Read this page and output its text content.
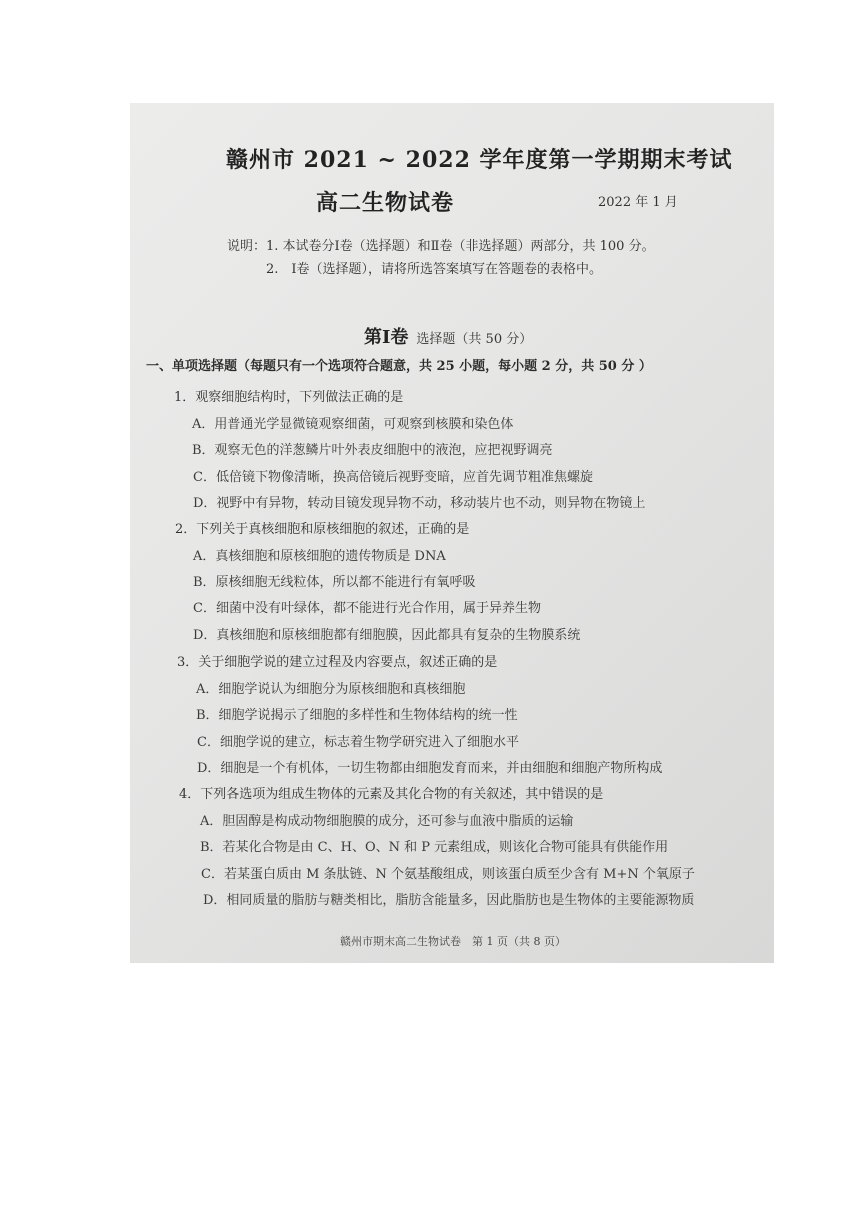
赣州市 2021 ~ 2022 学年度第一学期期末考试
高二生物试卷	2022 年 1 月
说明：1. 本试卷分Ⅰ卷（选择题）和Ⅱ卷（非选择题）两部分，共 100 分。
2.　Ⅰ卷（选择题），请将所选答案填写在答题卷的表格中。
第Ⅰ卷 选择题（共 50 分）
一、单项选择题（每题只有一个选项符合题意，共 25 小题，每小题 2 分，共 50 分 ）
1．观察细胞结构时，下列做法正确的是
A．用普通光学显微镜观察细菌，可观察到核膜和染色体
B．观察无色的洋葱鳞片叶外表皮细胞中的液泡，应把视野调亮
C．低倍镜下物像清晰，换高倍镜后视野变暗，应首先调节粗准焦螺旋
D．视野中有异物，转动目镜发现异物不动，移动装片也不动，则异物在物镜上
2．下列关于真核细胞和原核细胞的叙述，正确的是
A．真核细胞和原核细胞的遗传物质是 DNA
B．原核细胞无线粒体，所以都不能进行有氧呼吸
C．细菌中没有叶绿体，都不能进行光合作用，属于异养生物
D．真核细胞和原核细胞都有细胞膜，因此都具有复杂的生物膜系统
3．关于细胞学说的建立过程及内容要点，叙述正确的是
A．细胞学说认为细胞分为原核细胞和真核细胞
B．细胞学说揭示了细胞的多样性和生物体结构的统一性
C．细胞学说的建立，标志着生物学研究进入了细胞水平
D．细胞是一个有机体，一切生物都由细胞发育而来，并由细胞和细胞产物所构成
4．下列各选项为组成生物体的元素及其化合物的有关叙述，其中错误的是
A．胆固醇是构成动物细胞膜的成分，还可参与血液中脂质的运输
B．若某化合物是由 C、H、O、N 和 P 元素组成，则该化合物可能具有供能作用
C．若某蛋白质由 M 条肽链、N 个氨基酸组成，则该蛋白质至少含有 M+N 个氧原子
D．相同质量的脂肪与糖类相比，脂肪含能量多，因此脂肪也是生物体的主要能源物质
赣州市期末高二生物试卷　第 1 页（共 8 页）
